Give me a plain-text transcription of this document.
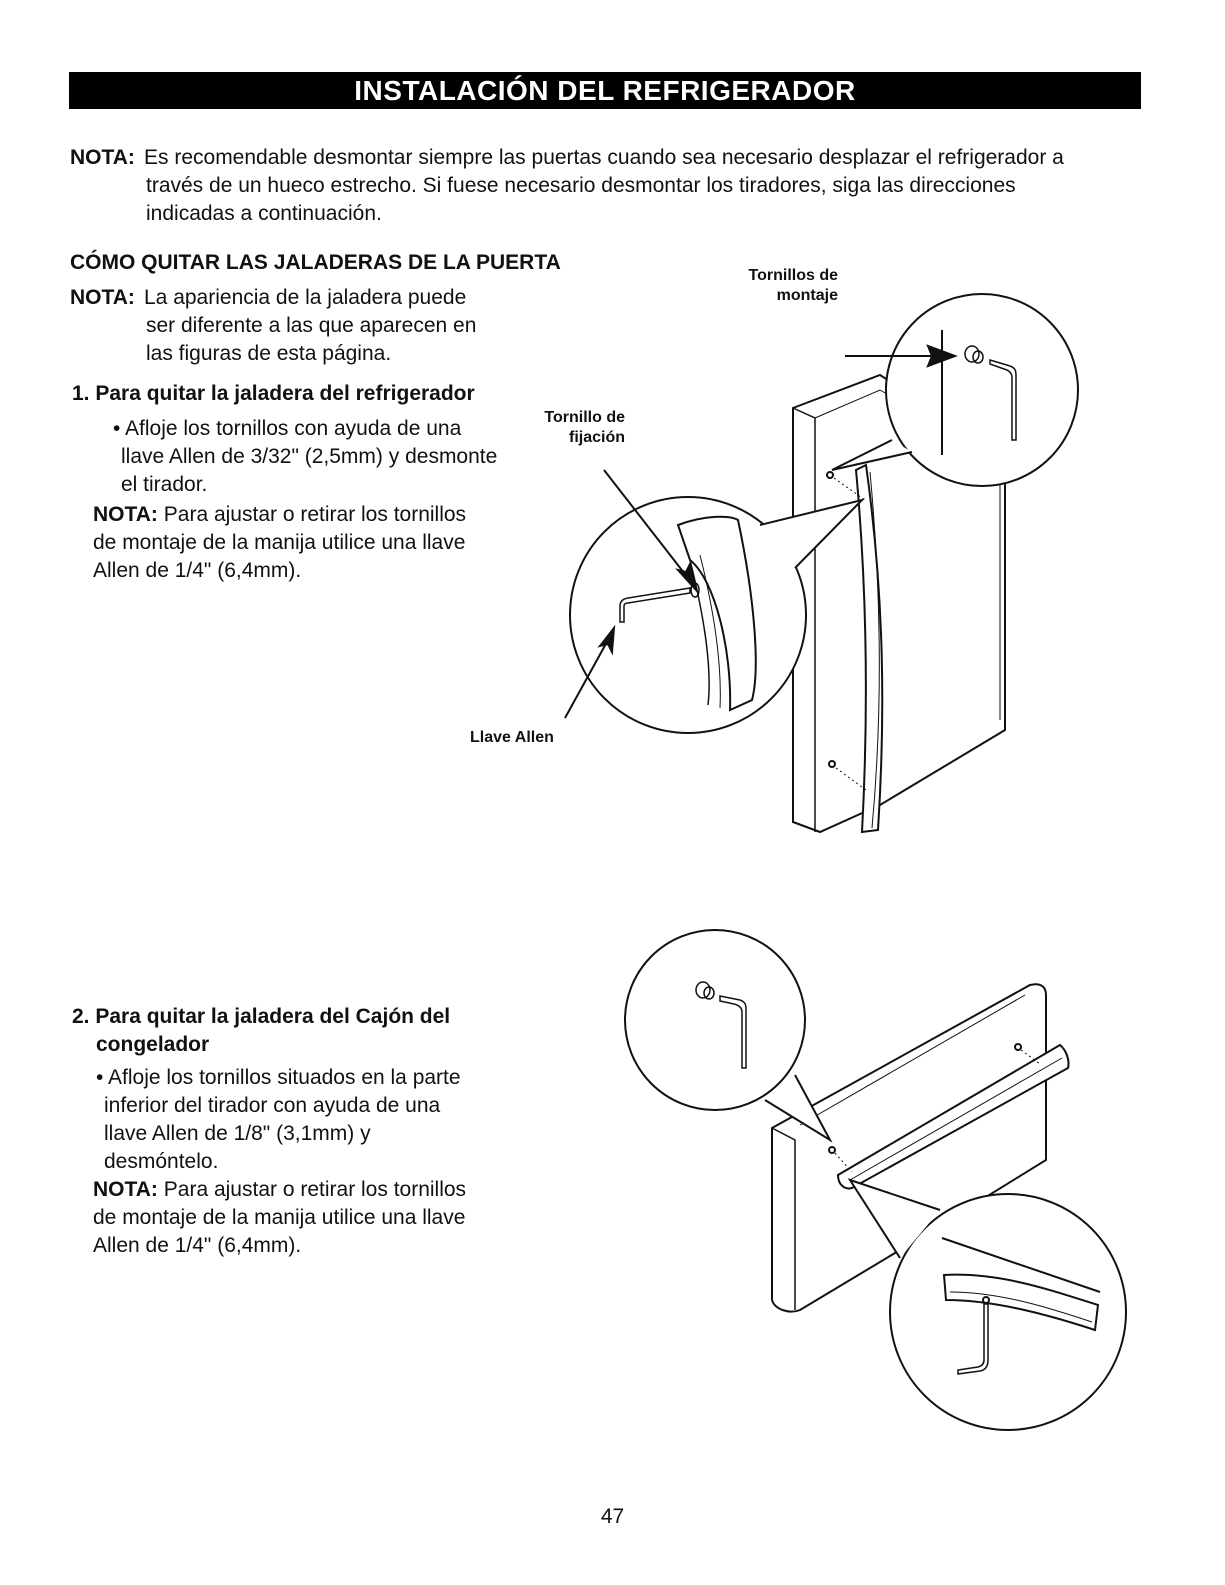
INSTALACIÓN DEL REFRIGERADOR
NOTA: Es recomendable desmontar siempre las puertas cuando sea necesario desplazar el refrigerador a
través de un hueco estrecho. Si fuese necesario desmontar los tiradores, siga las direcciones
indicadas a continuación.
CÓMO QUITAR LAS JALADERAS DE LA PUERTA
NOTA: La apariencia de la jaladera puede
ser diferente a las que aparecen en
las figuras de esta página.
1. Para quitar la jaladera del refrigerador
• Afloje los tornillos con ayuda de una
llave Allen de 3/32" (2,5mm) y desmonte
el tirador.
NOTA: Para ajustar o retirar los tornillos
de montaje de la manija utilice una llave
Allen de 1/4" (6,4mm).
2. Para quitar la jaladera del Cajón del
congelador
• Afloje los tornillos situados en la parte
inferior del tirador con ayuda de una
llave Allen de 1/8" (3,1mm) y
desmóntelo.
NOTA: Para ajustar o retirar los tornillos
de montaje de la manija utilice una llave
Allen de 1/4" (6,4mm).
Tornillos de
montaje
Tornillo de
fijación
Llave Allen
47
